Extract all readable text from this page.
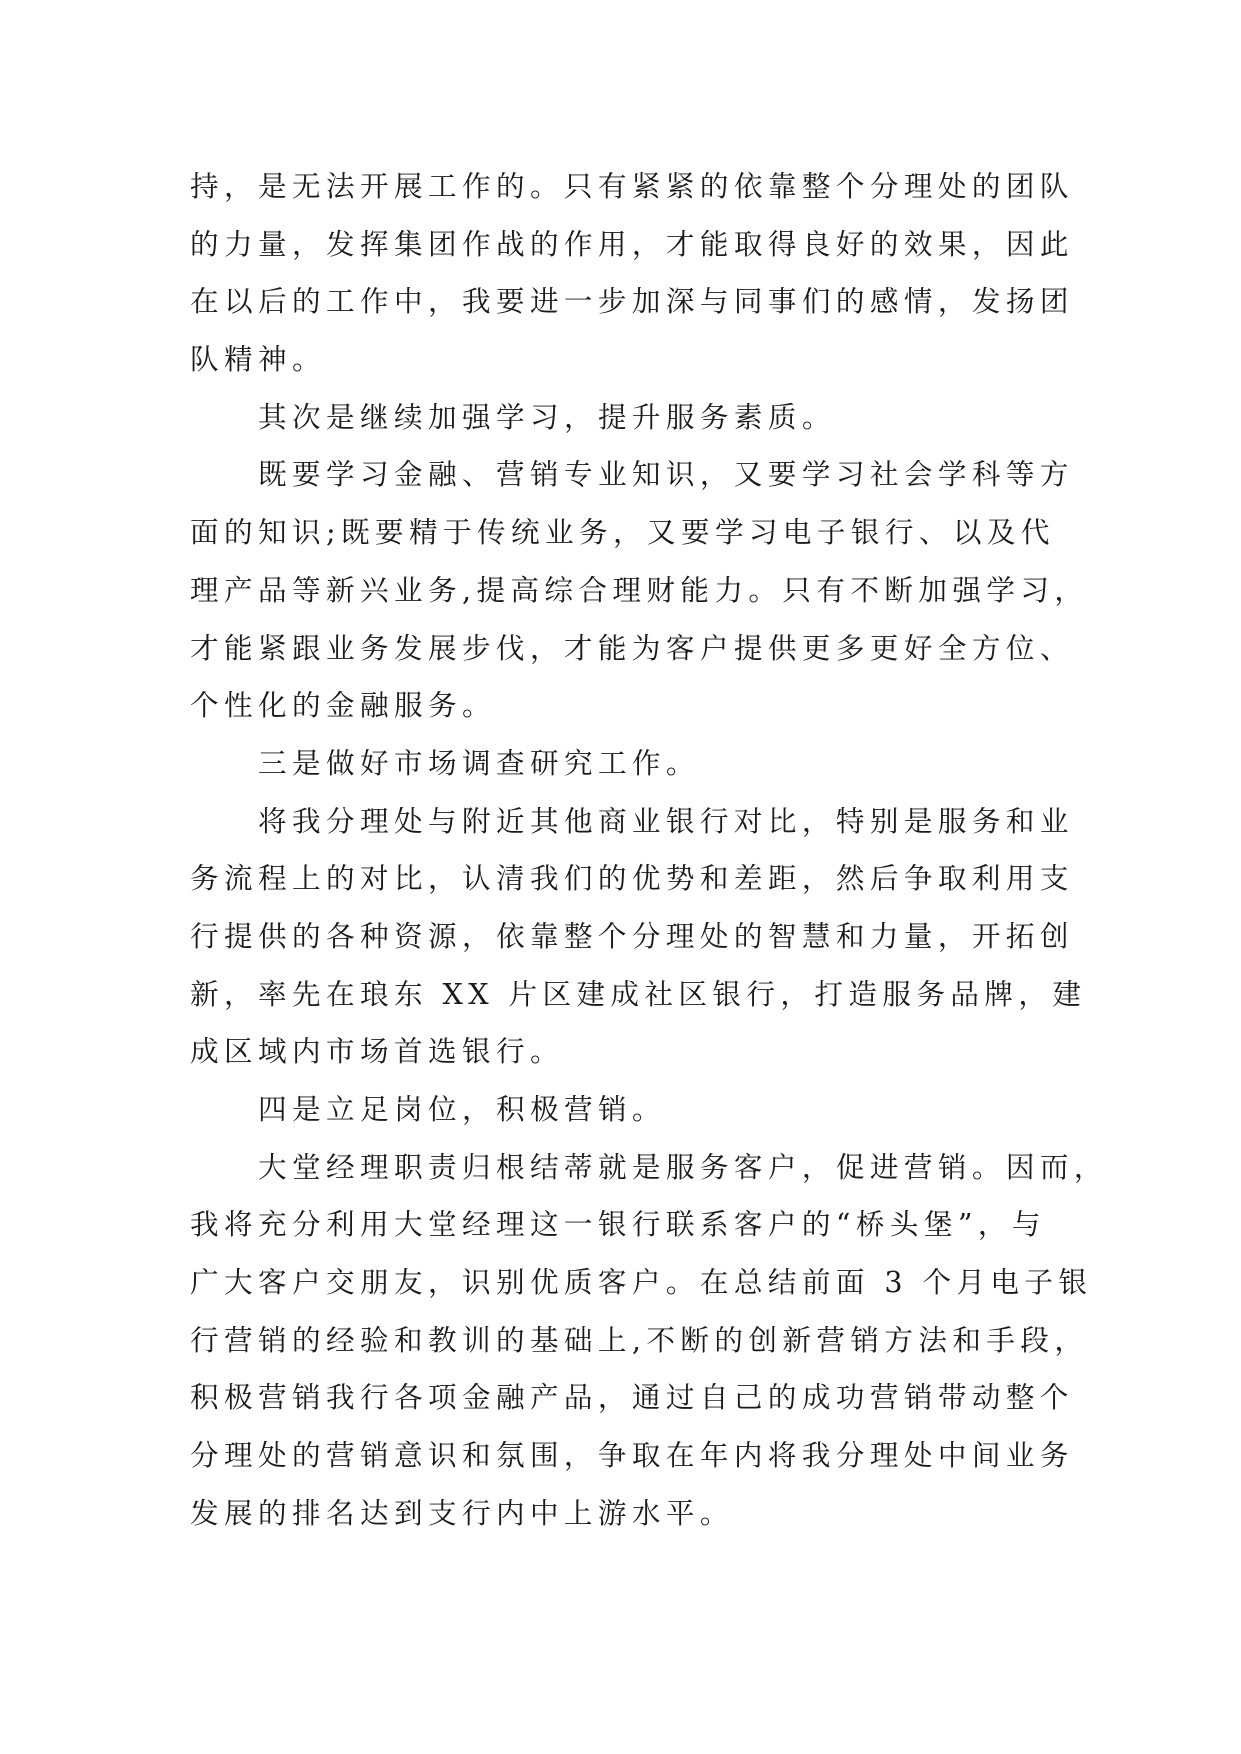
持，是无法开展工作的。只有紧紧的依靠整个分理处的团队
的力量，发挥集团作战的作用，才能取得良好的效果，因此
在以后的工作中，我要进一步加深与同事们的感情，发扬团
队精神。
其次是继续加强学习，提升服务素质。
既要学习金融、营销专业知识，又要学习社会学科等方
面的知识;既要精于传统业务，又要学习电子银行、以及代
理产品等新兴业务,提高综合理财能力。只有不断加强学习，
才能紧跟业务发展步伐，才能为客户提供更多更好全方位、
个性化的金融服务。
三是做好市场调查研究工作。
将我分理处与附近其他商业银行对比，特别是服务和业
务流程上的对比，认清我们的优势和差距，然后争取利用支
行提供的各种资源，依靠整个分理处的智慧和力量，开拓创
新，率先在琅东 XX 片区建成社区银行，打造服务品牌，建
成区域内市场首选银行。
四是立足岗位，积极营销。
大堂经理职责归根结蒂就是服务客户，促进营销。因而，
我将充分利用大堂经理这一银行联系客户的“桥头堡”，与
广大客户交朋友，识别优质客户。在总结前面 3 个月电子银
行营销的经验和教训的基础上,不断的创新营销方法和手段，
积极营销我行各项金融产品，通过自己的成功营销带动整个
分理处的营销意识和氛围，争取在年内将我分理处中间业务
发展的排名达到支行内中上游水平。
